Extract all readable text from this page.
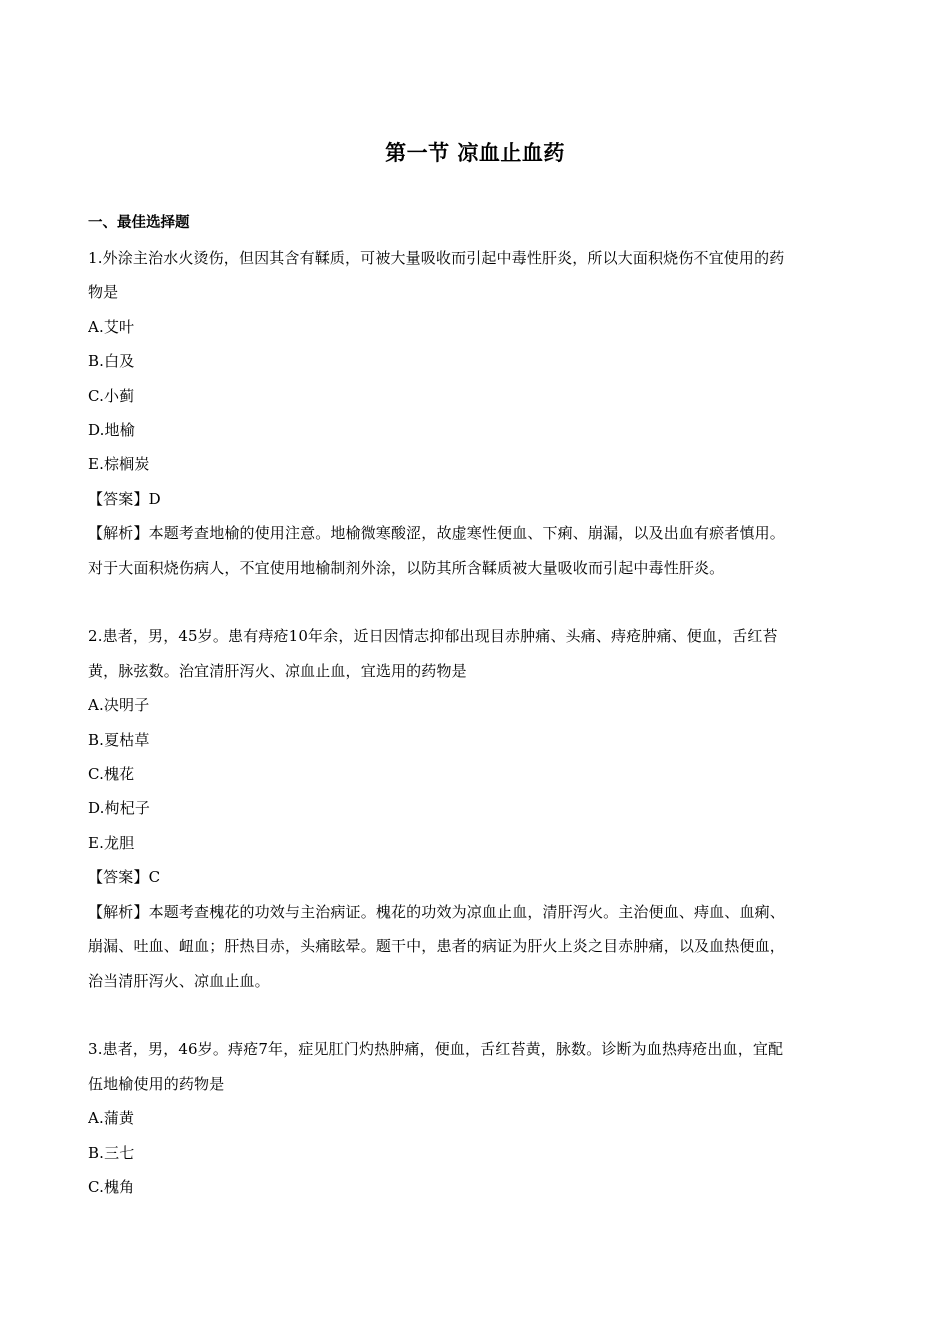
第一节 凉血止血药
一、最佳选择题
1.外涂主治水火烫伤，但因其含有鞣质，可被大量吸收而引起中毒性肝炎，所以大面积烧伤不宜使用的药
物是
A.艾叶
B.白及
C.小蓟
D.地榆
E.棕榈炭
【答案】D
【解析】本题考查地榆的使用注意。地榆微寒酸涩，故虚寒性便血、下痢、崩漏，以及出血有瘀者慎用。
对于大面积烧伤病人，不宜使用地榆制剂外涂，以防其所含鞣质被大量吸收而引起中毒性肝炎。
2.患者，男，45岁。患有痔疮10年余，近日因情志抑郁出现目赤肿痛、头痛、痔疮肿痛、便血，舌红苔
黄，脉弦数。治宜清肝泻火、凉血止血，宜选用的药物是
A.决明子
B.夏枯草
C.槐花
D.枸杞子
E.龙胆
【答案】C
【解析】本题考查槐花的功效与主治病证。槐花的功效为凉血止血，清肝泻火。主治便血、痔血、血痢、
崩漏、吐血、衄血；肝热目赤，头痛眩晕。题干中，患者的病证为肝火上炎之目赤肿痛，以及血热便血，
治当清肝泻火、凉血止血。
3.患者，男，46岁。痔疮7年，症见肛门灼热肿痛，便血，舌红苔黄，脉数。诊断为血热痔疮出血，宜配
伍地榆使用的药物是
A.蒲黄
B.三七
C.槐角
